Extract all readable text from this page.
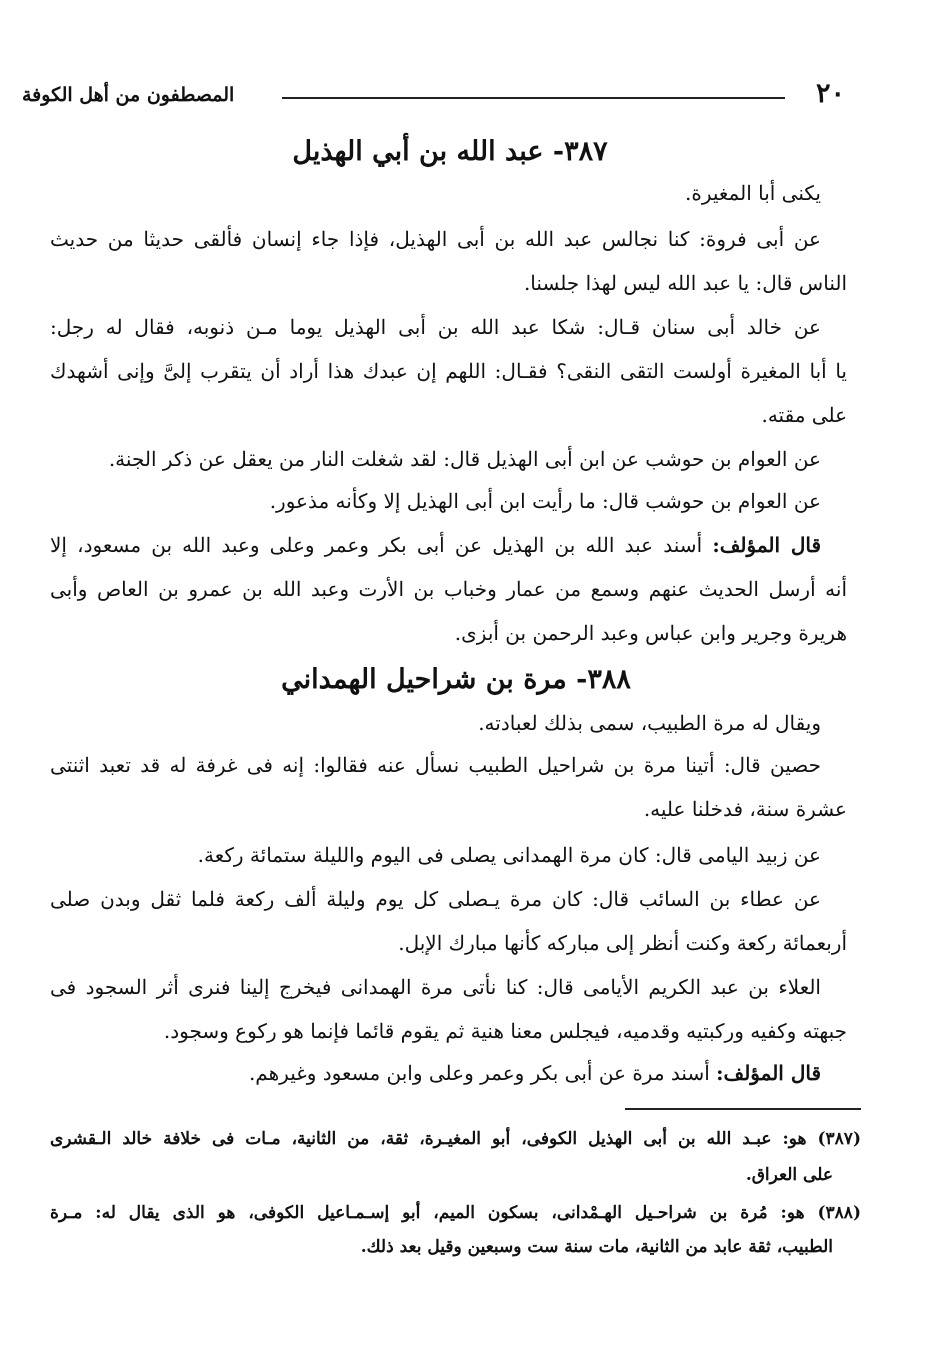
٢٠
المصطفون من أهل الكوفة
٣٨٧- عبد الله بن أبي الهذيل
يكنى أبا المغيرة.
عن أبى فروة: كنا نجالس عبد الله بن أبى الهذيل، فإذا جاء إنسان فألقى حديثا من حديث
الناس قال: يا عبد الله ليس لهذا جلسنا.
عن خالد أبى سنان قـال: شكا عبد الله بن أبى الهذيل يوما مـن ذنوبه، فقال له رجل:
يا أبا المغيرة أولست التقى النقى؟ فقـال: اللهم إن عبدك هذا أراد أن يتقرب إلىَّ وإنى أشهدك
على مقته.
عن العوام بن حوشب عن ابن أبى الهذيل قال: لقد شغلت النار من يعقل عن ذكر الجنة.
عن العوام بن حوشب قال: ما رأيت ابن أبى الهذيل إلا وكأنه مذعور.
قال المؤلف: أسند عبد الله بن الهذيل عن أبى بكر وعمر وعلى وعبد الله بن مسعود، إلا
أنه أرسل الحديث عنهم وسمع من عمار وخباب بن الأرت وعبد الله بن عمرو بن العاص وأبى
هريرة وجرير وابن عباس وعبد الرحمن بن أبزى.
٣٨٨- مرة بن شراحيل الهمداني
ويقال له مرة الطبيب، سمى بذلك لعبادته.
حصين قال: أتينا مرة بن شراحيل الطبيب نسأل عنه فقالوا: إنه فى غرفة له قد تعبد اثنتى
عشرة سنة، فدخلنا عليه.
عن زبيد اليامى قال: كان مرة الهمدانى يصلى فى اليوم والليلة ستمائة ركعة.
عن عطاء بن السائب قال: كان مرة يـصلى كل يوم وليلة ألف ركعة فلما ثقل وبدن صلى
أربعمائة ركعة وكنت أنظر إلى مباركه كأنها مبارك الإبل.
العلاء بن عبد الكريم الأيامى قال: كنا نأتى مرة الهمدانى فيخرج إلينا فنرى أثر السجود فى
جبهته وكفيه وركبتيه وقدميه، فيجلس معنا هنية ثم يقوم قائما فإنما هو ركوع وسجود.
قال المؤلف: أسند مرة عن أبى بكر وعمر وعلى وابن مسعود وغيرهم.
(٣٨٧) هو: عبـد الله بن أبى الهذيل الكوفى، أبو المغيـرة، ثقة، من الثانية، مـات فى خلافة خالد الـقشرى
على العراق.
(٣٨٨) هو: مُرة بن شراحـيل الهـمْدانى، بسكون الميم، أبو إسـمـاعيل الكوفى، هو الذى يقال له: مـرة
الطبيب، ثقة عابد من الثانية، مات سنة ست وسبعين وقيل بعد ذلك.
